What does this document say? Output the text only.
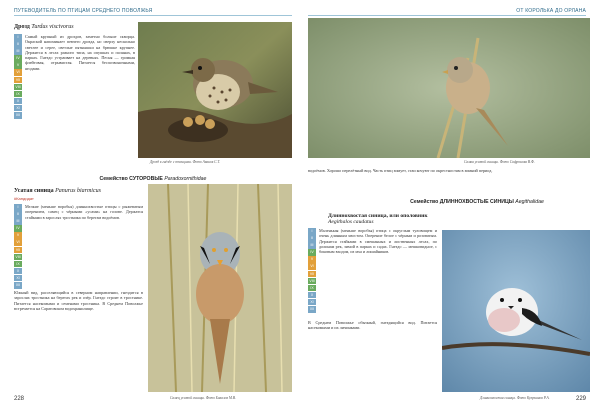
ПУТЕВОДИТЕЛЬ ПО ПТИЦАМ СРЕДНЕГО ПОВОЛЖЬЯ	ОТ КОРОЛЬКА ДО ОРЛАНА
Дрозд Turdus viscivorus
I
II
III
IV
V
VI
VII
VIII
IX
X
XI
XII
Самый крупный из дроздов, заметно больше скворца. Окраской напоминает певчего дрозда, но сверху несколько светлее и серее, светлые пятнышки на брюшке крупнее. Держится в лесах разного типа, на опушках и полянах, в парках. Гнездо устраивает на деревьях. Песня — громкая флейтовая, отрывистая. Питается беспозвоночными, ягодами.
Дрозд в гнёзде с птенцами. Фото Аванов С.Т.
Семейство СУТОРОВЫЕ Paradoxornithidae
Усатая синица Panurus biarmicus
#Кандидат
I
II
III
IV
V
VI
VII
VIII
IX
X
XI
XII
Мелкие (меньше воробья) длиннохвостые птицы с рыжеватым оперением, самец с чёрными «усами» на голове. Держатся стайками в зарослях тростника по берегам водоёмов.
Южный вид, расселяющийся в северном направлении, гнездится в зарослях тростника на берегах рек и озёр. Гнездо строит в тростнике. Питается насекомыми и семенами тростника. В Среднем Поволжье встречается на Саратовском водохранилище.
Самец усатой синицы. Фото Бакалов М.В.
228
Самка усатой синицы. Фото Сафронова В.Ф.
водоёмов. Хорошо перелётный вид. Часть птиц зимует, стаи кочуют по окрестностям в зимний период.
Семейство ДЛИННОХВОСТЫЕ СИНИЦЫ Aegithalidae
Длиннохвостая синица, или ополовник
Aegithalos caudatus
I
II
III
IV
V
VI
VII
VIII
IX
X
XI
XII
Маленькая (меньше воробья) птица с округлым туловищем и очень длинным хвостом. Оперение белое с чёрным и розоватым. Держится стайками в смешанных и лиственных лесах, по долинам рек, зимой в парках и садах. Гнездо — мешковидное, с боковым входом, из мха и лишайников.
В Среднем Поволжье обычный, гнездящийся вид. Питается насекомыми и их личинками.
Длиннохвостая синица. Фото Куприянов Р.А.	229
